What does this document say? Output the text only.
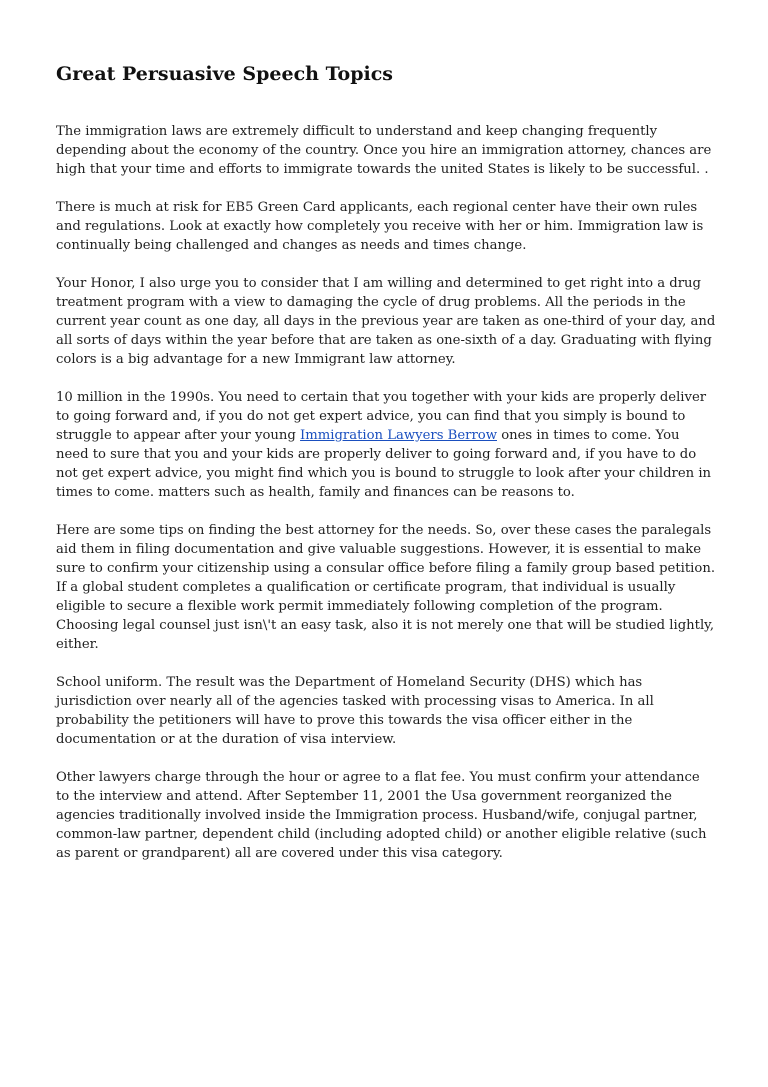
Great Persuasive Speech Topics

The immigration laws are extremely difficult to understand and keep changing frequently depending about the economy of the country. Once you hire an immigration attorney, chances are high that your time and efforts to immigrate towards the united States is likely to be successful. .

There is much at risk for EB5 Green Card applicants, each regional center have their own rules and regulations. Look at exactly how completely you receive with her or him. Immigration law is continually being challenged and changes as needs and times change.

Your Honor, I also urge you to consider that I am willing and determined to get right into a drug treatment program with a view to damaging the cycle of drug problems. All the periods in the current year count as one day, all days in the previous year are taken as one-third of your day, and all sorts of days within the year before that are taken as one-sixth of a day. Graduating with flying colors is a big advantage for a new Immigrant law attorney.

10 million in the 1990s. You need to certain that you together with your kids are properly deliver to going forward and, if you do not get expert advice, you can find that you simply is bound to struggle to appear after your young Immigration Lawyers Berrow ones in times to come. You need to sure that you and your kids are properly deliver to going forward and, if you have to do not get expert advice, you might find which you is bound to struggle to look after your children in times to come. matters such as health, family and finances can be reasons to.

Here are some tips on finding the best attorney for the needs. So, over these cases the paralegals aid them in filing documentation and give valuable suggestions. However, it is essential to make sure to confirm your citizenship using a consular office before filing a family group based petition. If a global student completes a qualification or certificate program, that individual is usually eligible to secure a flexible work permit immediately following completion of the program. Choosing legal counsel just isn\'t an easy task, also it is not merely one that will be studied lightly, either.

School uniform. The result was the Department of Homeland Security (DHS) which has jurisdiction over nearly all of the agencies tasked with processing visas to America. In all probability the petitioners will have to prove this towards the visa officer either in the documentation or at the duration of visa interview.

Other lawyers charge through the hour or agree to a flat fee. You must confirm your attendance to the interview and attend. After September 11, 2001 the Usa government reorganized the agencies traditionally involved inside the Immigration process. Husband/wife, conjugal partner, common-law partner, dependent child (including adopted child) or another eligible relative (such as parent or grandparent) all are covered under this visa category.
